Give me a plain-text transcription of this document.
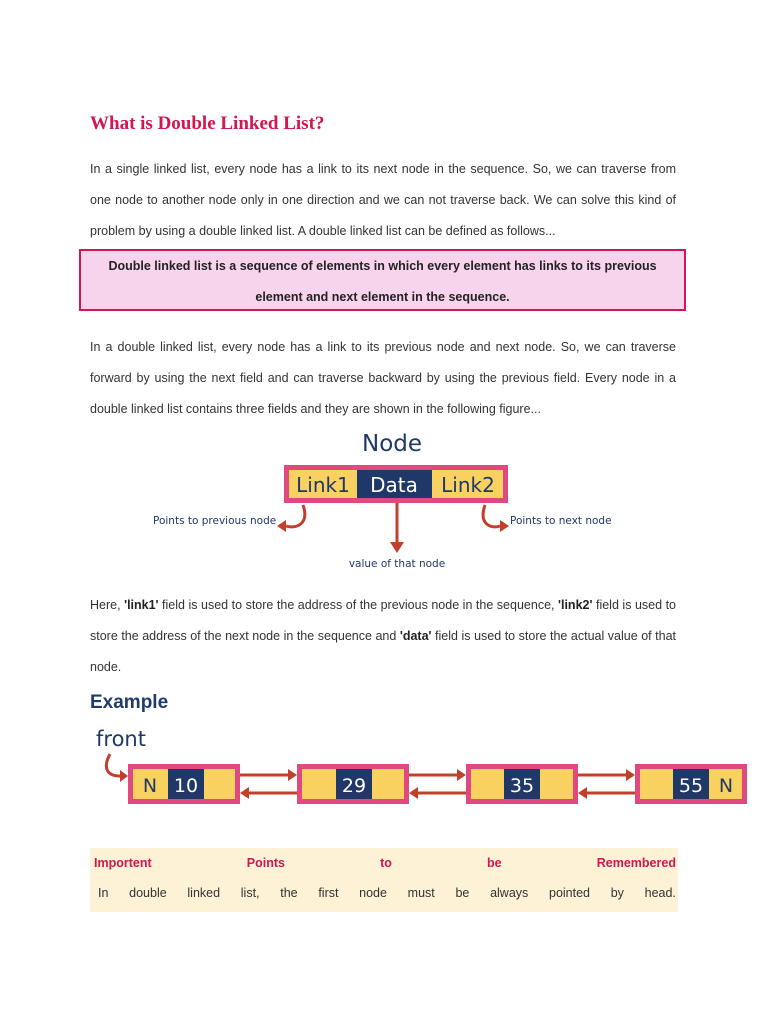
What is Double Linked List?

In a single linked list, every node has a link to its next node in the sequence. So, we can traverse from one node to another node only in one direction and we can not traverse back. We can solve this kind of problem by using a double linked list. A double linked list can be defined as follows...

Double linked list is a sequence of elements in which every element has links to its previous element and next element in the sequence.

In a double linked list, every node has a link to its previous node and next node. So, we can traverse forward by using the next field and can traverse backward by using the previous field. Every node in a double linked list contains three fields and they are shown in the following figure...

Node
Link1 Data Link2
Points to previous node	Points to next node
value of that node

Here, 'link1' field is used to store the address of the previous node in the sequence, 'link2' field is used to store the address of the next node in the sequence and 'data' field is used to store the actual value of that node.

Example
front
N 10	29	35	55 N
Importent	Points	to	be	Remembered
In double linked list, the first node must be always pointed by head.
